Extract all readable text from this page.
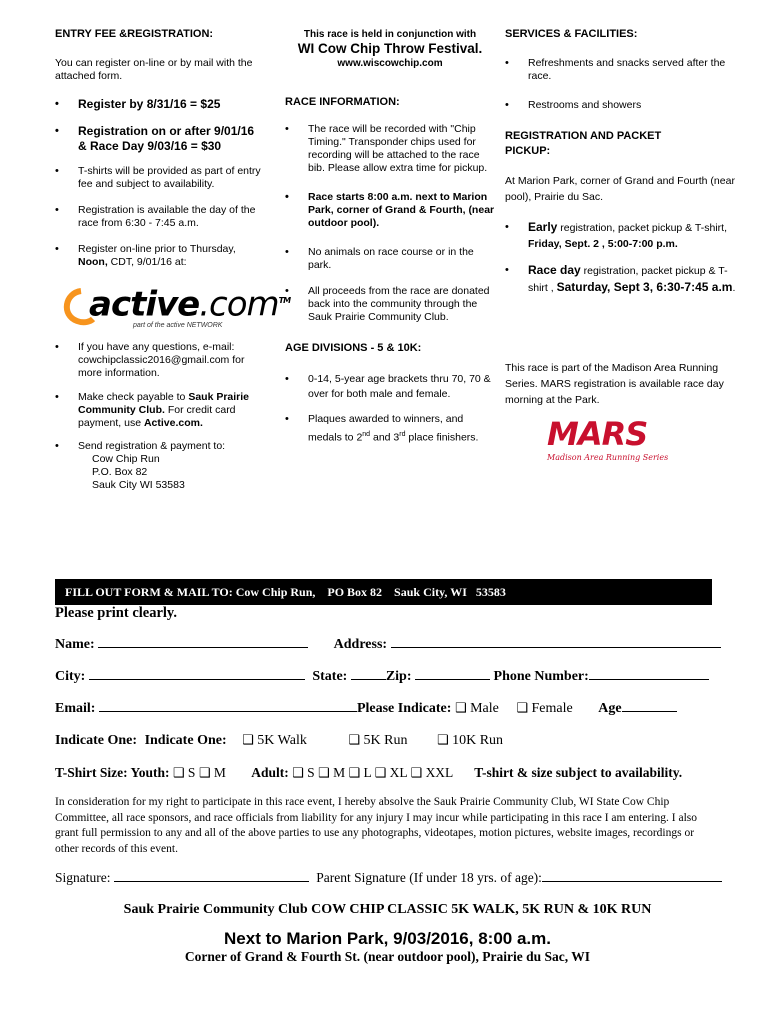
ENTRY FEE &REGISTRATION:
You can register on-line or by mail with the attached form.
• Register by 8/31/16 = $25
• Registration on or after 9/01/16 & Race Day 9/03/16 = $30
• T-shirts will be provided as part of entry fee and subject to availability.
• Registration is available the day of the race from 6:30 - 7:45 a.m.
• Register on-line prior to Thursday, Noon, CDT, 9/01/16 at:
active.com™
part of the active NETWORK
• If you have any questions, e-mail: cowchipclassic2016@gmail.com for more information.
• Make check payable to Sauk Prairie Community Club. For credit card payment, use Active.com.
• Send registration & payment to:
Cow Chip Run
P.O. Box 82
Sauk City WI 53583
This race is held in conjunction with
WI Cow Chip Throw Festival.
www.wiscowchip.com
RACE INFORMATION:
• The race will be recorded with "Chip Timing." Transponder chips used for recording will be attached to the race bib. Please allow extra time for pickup.
• Race starts 8:00 a.m. next to Marion Park, corner of Grand & Fourth, (near outdoor pool).
• No animals on race course or in the park.
• All proceeds from the race are donated back into the community through the Sauk Prairie Community Club.
AGE DIVISIONS - 5 & 10K:
• 0-14, 5-year age brackets thru 70, 70 & over for both male and female.
• Plaques awarded to winners, and medals to 2nd and 3rd place finishers.
SERVICES & FACILITIES:
• Refreshments and snacks served after the race.
• Restrooms and showers
REGISTRATION AND PACKET PICKUP:
At Marion Park, corner of Grand and Fourth (near pool), Prairie du Sac.
• Early registration, packet pickup & T-shirt, Friday, Sept. 2 , 5:00-7:00 p.m.
• Race day registration, packet pickup & T-shirt , Saturday, Sept 3, 6:30-7:45 a.m.
This race is part of the Madison Area Running Series. MARS registration is available race day morning at the Park.
MARS
Madison Area Running Series
FILL OUT FORM & MAIL TO: Cow Chip Run,    PO Box 82    Sauk City, WI   53583
Please print clearly.
Name:	Address:
City:	State:	Zip:	Phone Number:
Email:	Please Indicate: ❑ Male ❑ Female Age
Indicate One: Indicate One: ❑ 5K Walk	❑ 5K Run ❑ 10K Run
T-Shirt Size: Youth: ❑ S ❑ M Adult: ❑ S ❑ M ❑ L ❑ XL ❑ XXL T-shirt & size subject to availability.
In consideration for my right to participate in this race event, I hereby absolve the Sauk Prairie Community Club, WI State Cow Chip Committee, all race sponsors, and race officials from liability for any injury I may incur while participating in this race I am entering. I also grant full permission to any and all of the above parties to use any photographs, videotapes, motion pictures, website images, recordings or other records of this event.
Signature:	Parent Signature (If under 18 yrs. of age):
Sauk Prairie Community Club COW CHIP CLASSIC 5K WALK, 5K RUN & 10K RUN
Next to Marion Park, 9/03/2016, 8:00 a.m.
Corner of Grand & Fourth St. (near outdoor pool), Prairie du Sac, WI
